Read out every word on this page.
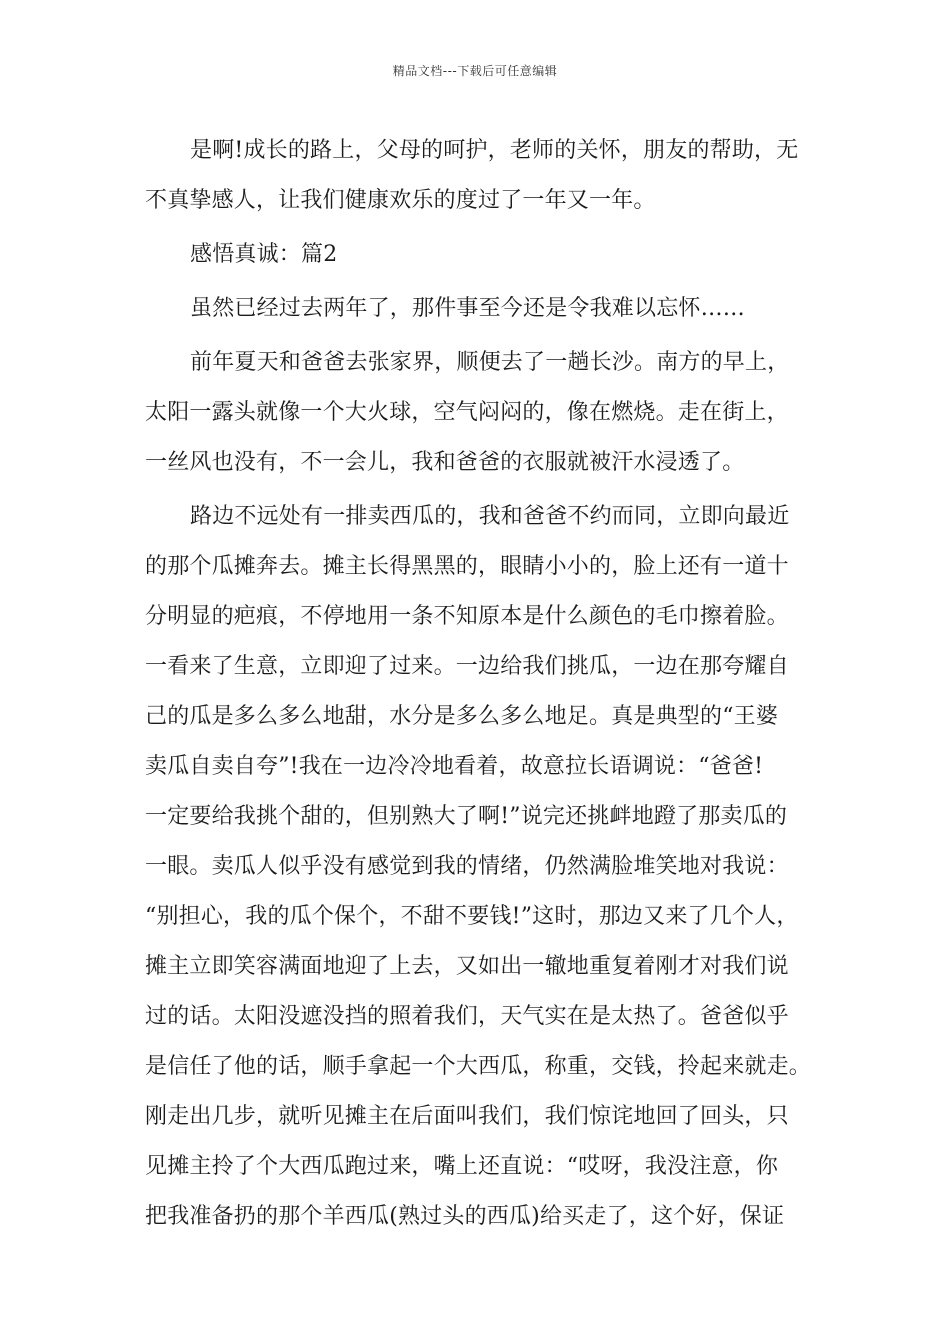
精品文档---下载后可任意编辑
是啊!成长的路上，父母的呵护，老师的关怀，朋友的帮助，无
不真挚感人，让我们健康欢乐的度过了一年又一年。
感悟真诚：篇2
虽然已经过去两年了，那件事至今还是令我难以忘怀……
前年夏天和爸爸去张家界，顺便去了一趟长沙。南方的早上，
太阳一露头就像一个大火球，空气闷闷的，像在燃烧。走在街上，
一丝风也没有，不一会儿，我和爸爸的衣服就被汗水浸透了。
路边不远处有一排卖西瓜的，我和爸爸不约而同，立即向最近
的那个瓜摊奔去。摊主长得黑黑的，眼睛小小的，脸上还有一道十
分明显的疤痕，不停地用一条不知原本是什么颜色的毛巾擦着脸。
一看来了生意，立即迎了过来。一边给我们挑瓜，一边在那夸耀自
己的瓜是多么多么地甜，水分是多么多么地足。真是典型的“王婆
卖瓜自卖自夸”!我在一边冷冷地看着，故意拉长语调说：“爸爸!
一定要给我挑个甜的，但别熟大了啊!”说完还挑衅地蹬了那卖瓜的
一眼。卖瓜人似乎没有感觉到我的情绪，仍然满脸堆笑地对我说：
“别担心，我的瓜个保个，不甜不要钱!”这时，那边又来了几个人，
摊主立即笑容满面地迎了上去，又如出一辙地重复着刚才对我们说
过的话。太阳没遮没挡的照着我们，天气实在是太热了。爸爸似乎
是信任了他的话，顺手拿起一个大西瓜，称重，交钱，拎起来就走。
刚走出几步，就听见摊主在后面叫我们，我们惊诧地回了回头，只
见摊主拎了个大西瓜跑过来，嘴上还直说：“哎呀，我没注意，你
把我准备扔的那个羊西瓜(熟过头的西瓜)给买走了，这个好，保证
